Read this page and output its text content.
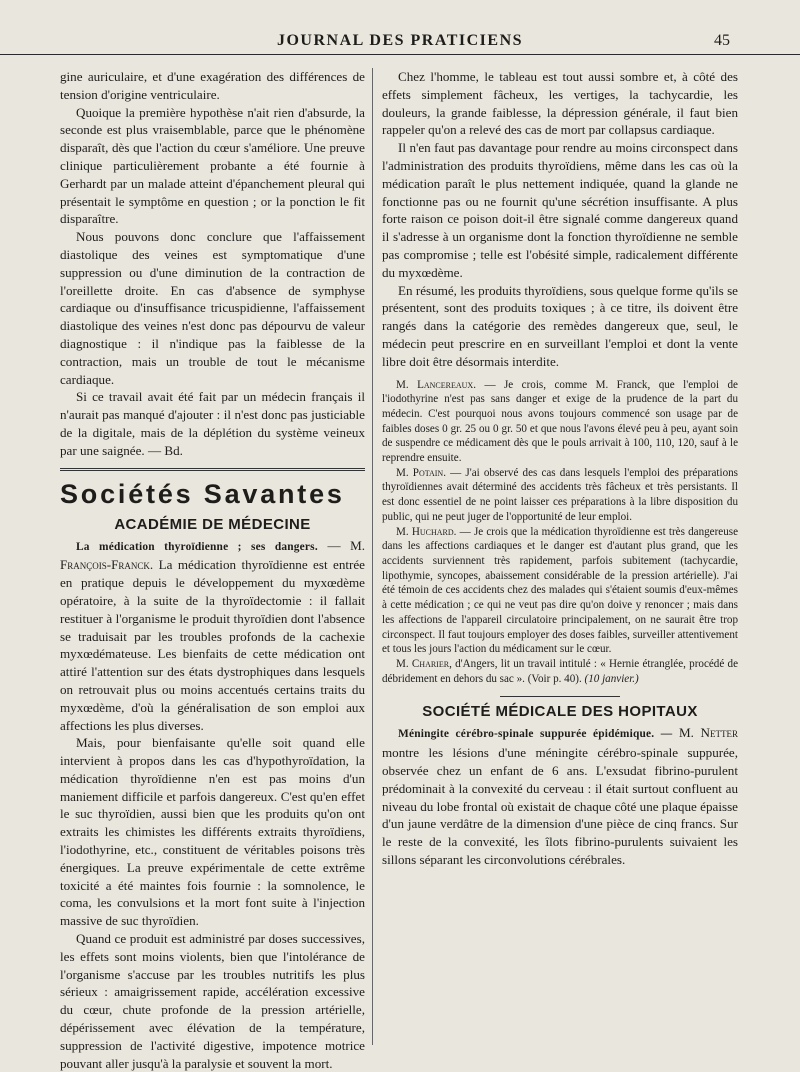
JOURNAL DES PRATICIENS	45

gine auriculaire, et d'une exagération des différences de tension d'origine ventriculaire.

Quoique la première hypothèse n'ait rien d'absurde, la seconde est plus vraisemblable, parce que le phénomène disparaît, dès que l'action du cœur s'améliore. Une preuve clinique particulièrement probante a été fournie à Gerhardt par un malade atteint d'épanchement pleural qui présentait le symptôme en question ; or la ponction le fit disparaître.

Nous pouvons donc conclure que l'affaissement diastolique des veines est symptomatique d'une suppression ou d'une diminution de la contraction de l'oreillette droite. En cas d'absence de symphyse cardiaque ou d'insuffisance tricuspidienne, l'affaissement diastolique des veines n'est donc pas dépourvu de valeur diagnostique : il n'indique pas la faiblesse de la contraction, mais un trouble de tout le mécanisme cardiaque.

Si ce travail avait été fait par un médecin français il n'aurait pas manqué d'ajouter : il n'est donc pas justiciable de la digitale, mais de la déplétion du système veineux par une saignée. — Bd.

Sociétés Savantes
ACADÉMIE DE MÉDECINE

La médication thyroïdienne ; ses dangers. — M. François-Franck. La médication thyroïdienne est entrée en pratique depuis le développement du myxœdème opératoire, à la suite de la thyroïdectomie : il fallait restituer à l'organisme le produit thyroïdien dont l'absence se traduisait par les troubles profonds de la cachexie myxœdémateuse. Les bienfaits de cette médication ont attiré l'attention sur des états dystrophiques dans lesquels on retrouvait plus ou moins accentués certains traits du myxœdème, d'où la généralisation de son emploi aux affections les plus diverses.

Mais, pour bienfaisante qu'elle soit quand elle intervient à propos dans les cas d'hypothyroïdation, la médication thyroïdienne n'en est pas moins d'un maniement difficile et parfois dangereux. C'est qu'en effet le suc thyroïdien, aussi bien que les produits qu'on ont extraits les chimistes les différents extraits thyroïdiens, l'iodothyrine, etc., constituent de véritables poisons très énergiques. La preuve expérimentale de cette extrême toxicité a été maintes fois fournie : la somnolence, le coma, les convulsions et la mort font suite à l'injection massive de suc thyroïdien.

Quand ce produit est administré par doses successives, les effets sont moins violents, bien que l'intolérance de l'organisme s'accuse par les troubles nutritifs les plus sérieux : amaigrissement rapide, accélération excessive du cœur, chute profonde de la pression artérielle, dépérissement avec élévation de la température, suppression de l'activité digestive, impotence motrice pouvant aller jusqu'à la paralysie et souvent la mort.

Chez l'homme, le tableau est tout aussi sombre et, à côté des effets simplement fâcheux, les vertiges, la tachycardie, les douleurs, la grande faiblesse, la dépression générale, il faut bien rappeler qu'on a relevé des cas de mort par collapsus cardiaque.

Il n'en faut pas davantage pour rendre au moins circonspect dans l'administration des produits thyroïdiens, même dans les cas où la médication paraît le plus nettement indiquée, quand la glande ne fonctionne pas ou ne fournit qu'une sécrétion insuffisante. A plus forte raison ce poison doit-il être signalé comme dangereux quand il s'adresse à un organisme dont la fonction thyroïdienne ne semble pas compromise ; telle est l'obésité simple, radicalement différente du myxœdème.

En résumé, les produits thyroïdiens, sous quelque forme qu'ils se présentent, sont des produits toxiques ; à ce titre, ils doivent être rangés dans la catégorie des remèdes dangereux que, seul, le médecin peut prescrire en en surveillant l'emploi et dont la vente libre doit être désormais interdite.

M. Lancereaux. — Je crois, comme M. Franck, que l'emploi de l'iodothyrine n'est pas sans danger et exige de la prudence de la part du médecin. C'est pourquoi nous avons toujours commencé son usage par de faibles doses 0 gr. 25 ou 0 gr. 50 et que nous l'avons élevé peu à peu, ayant soin de suspendre ce médicament dès que le pouls arrivait à 100, 110, 120, sauf à le reprendre ensuite.

M. Potain. — J'ai observé des cas dans lesquels l'emploi des préparations thyroïdiennes avait déterminé des accidents très fâcheux et très persistants. Il est donc essentiel de ne point laisser ces préparations à la libre disposition du public, qui ne peut juger de l'opportunité de leur emploi.

M. Huchard. — Je crois que la médication thyroïdienne est très dangereuse dans les affections cardiaques et le danger est d'autant plus grand, que les accidents surviennent très rapidement, parfois subitement (tachycardie, lipothymie, syncopes, abaissement considérable de la pression artérielle). J'ai été témoin de ces accidents chez des malades qui s'étaient soumis d'eux-mêmes à cette médication ; ce qui ne veut pas dire qu'on doive y renoncer ; mais dans les affections de l'appareil circulatoire principalement, on ne saurait être trop circonspect. Il faut toujours employer des doses faibles, surveiller attentivement et tous les jours l'action du médicament sur le cœur.

M. Charier, d'Angers, lit un travail intitulé : « Hernie étranglée, procédé de débridement en dehors du sac ». (Voir p. 40). (10 janvier.)

SOCIÉTÉ MÉDICALE DES HOPITAUX

Méningite cérébro-spinale suppurée épidémique. — M. Netter montre les lésions d'une méningite cérébro-spinale suppurée, observée chez un enfant de 6 ans. L'exsudat fibrino-purulent prédominait à la convexité du cerveau : il était surtout confluent au niveau du lobe frontal où existait de chaque côté une plaque épaisse d'un jaune verdâtre de la dimension d'une pièce de cinq francs. Sur le reste de la convexité, les îlots fibrino-purulents suivaient les sillons séparant les circonvolutions cérébrales.
